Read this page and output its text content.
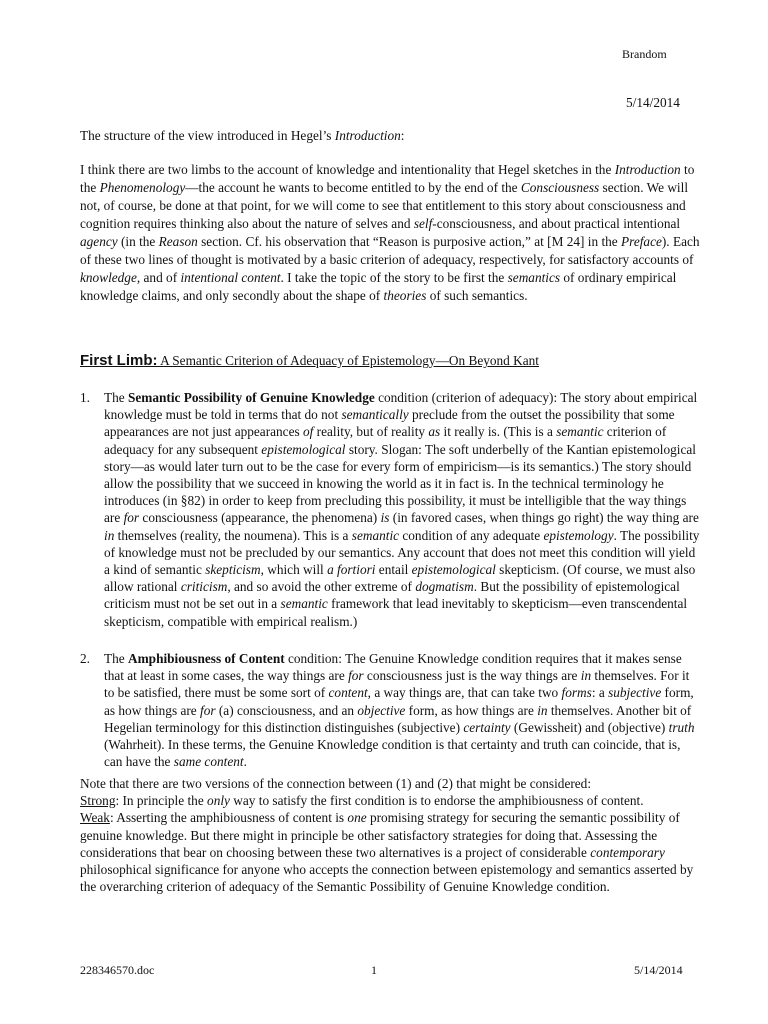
Brandom
5/14/2014
The structure of the view introduced in Hegel’s Introduction:

I think there are two limbs to the account of knowledge and intentionality that Hegel sketches in the Introduction to the Phenomenology—the account he wants to become entitled to by the end of the Consciousness section. We will not, of course, be done at that point, for we will come to see that entitlement to this story about consciousness and cognition requires thinking also about the nature of selves and self-consciousness, and about practical intentional agency (in the Reason section. Cf. his observation that “Reason is purposive action,” at [M 24] in the Preface). Each of these two lines of thought is motivated by a basic criterion of adequacy, respectively, for satisfactory accounts of knowledge, and of intentional content. I take the topic of the story to be first the semantics of ordinary empirical knowledge claims, and only secondly about the shape of theories of such semantics.

First Limb: A Semantic Criterion of Adequacy of Epistemology—On Beyond Kant
1. The Semantic Possibility of Genuine Knowledge condition (criterion of adequacy): The story about empirical knowledge must be told in terms that do not semantically preclude from the outset the possibility that some appearances are not just appearances of reality, but of reality as it really is. (This is a semantic criterion of adequacy for any subsequent epistemological story. Slogan: The soft underbelly of the Kantian epistemological story—as would later turn out to be the case for every form of empiricism—is its semantics.) The story should allow the possibility that we succeed in knowing the world as it in fact is. In the technical terminology he introduces (in §82) in order to keep from precluding this possibility, it must be intelligible that the way things are for consciousness (appearance, the phenomena) is (in favored cases, when things go right) the way thing are in themselves (reality, the noumena). This is a semantic condition of any adequate epistemology. The possibility of knowledge must not be precluded by our semantics. Any account that does not meet this condition will yield a kind of semantic skepticism, which will a fortiori entail epistemological skepticism. (Of course, we must also allow rational criticism, and so avoid the other extreme of dogmatism. But the possibility of epistemological criticism must not be set out in a semantic framework that lead inevitably to skepticism—even transcendental skepticism, compatible with empirical realism.)
2. The Amphibiousness of Content condition: The Genuine Knowledge condition requires that it makes sense that at least in some cases, the way things are for consciousness just is the way things are in themselves. For it to be satisfied, there must be some sort of content, a way things are, that can take two forms: a subjective form, as how things are for (a) consciousness, and an objective form, as how things are in themselves. Another bit of Hegelian terminology for this distinction distinguishes (subjective) certainty (Gewissheit) and (objective) truth (Wahrheit). In these terms, the Genuine Knowledge condition is that certainty and truth can coincide, that is, can have the same content.

Note that there are two versions of the connection between (1) and (2) that might be considered:

Strong: In principle the only way to satisfy the first condition is to endorse the amphibiousness of content.

Weak: Asserting the amphibiousness of content is one promising strategy for securing the semantic possibility of genuine knowledge. But there might in principle be other satisfactory strategies for doing that. Assessing the considerations that bear on choosing between these two alternatives is a project of considerable contemporary philosophical significance for anyone who accepts the connection between epistemology and semantics asserted by the overarching criterion of adequacy of the Semantic Possibility of Genuine Knowledge condition.

228346570.doc	1	5/14/2014
